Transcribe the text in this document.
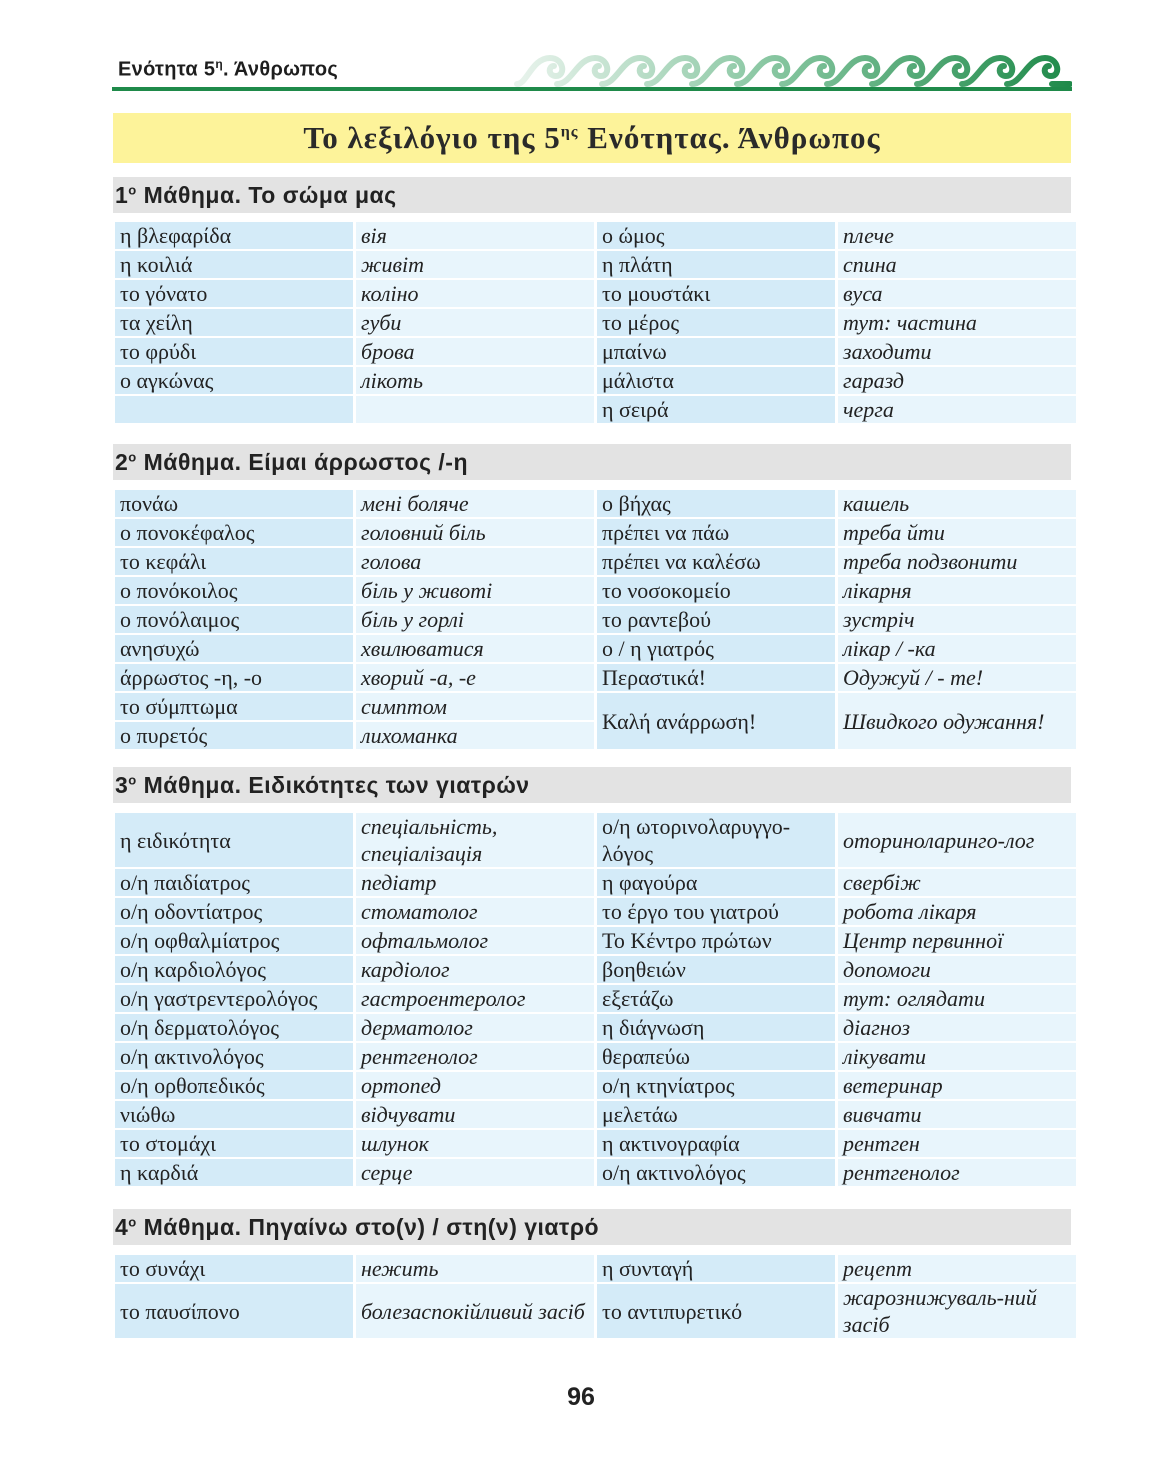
Ενότητα $5^\eta$. Άνθρωπος
Το λεξιλόγιο της $5^{\eta\varsigma}$ Ενότητας. Άνθρωπος
$1^o$ Μάθημα. Το σώμα μας
η βλεφαρίδα	вія	ο ώμος	плече
η κοιλιά	живіт	η πλάτη	спина
το γόνατο	коліно	το μουστάκι	вуса
τα χείλη	губи	το μέρος	тут: частина
το φρύδι	брова	μπαίνω	заходити
ο αγκώνας	лікоть	μάλιστα	гаразд
		η σειρά	черга
$2^o$ Μάθημα. Είμαι άρρωστος /-η
πονάω	мені боляче	ο βήχας	кашель
ο πονοκέφαλος	головний біль	πρέπει να πάω	треба йти
το κεφάλι	голова	πρέπει να καλέσω	треба подзвонити
ο πονόκοιλος	біль у животі	το νοσοκομείο	лікарня
ο πονόλαιμος	біль у горлі	το ραντεβού	зустріч
ανησυχώ	хвилюватися	ο / η γιατρός	лікар / -ка
άρρωστος -η, -ο	хворий -а, -е	Περαστικά!	Одужуй / - те!
το σύμπτωμα	симптом	Καλή ανάρρωση!	Швидкого одужання!
ο πυρετός	лихоманка		
$3^o$ Μάθημα. Ειδικότητες των γιατρών
η ειδικότητα	спеціальність, спеціалізація	ο/η ωτορινολαρυγγο-λόγος	оториноларинго-лог
ο/η παιδίατρος	педіатр	η φαγούρα	свербіж
ο/η οδοντίατρος	стоматолог	το έργο του γιατρού	робота лікаря
ο/η οφθαλμίατρος	офтальмолог	Το Κέντρο πρώτων	Центр первинної
ο/η καρδιολόγος	кардіолог	βοηθειών	допомоги
ο/η γαστρεντερολόγος	гастроентеролог	εξετάζω	тут: оглядати
ο/η δερματολόγος	дерматолог	η διάγνωση	діагноз
ο/η ακτινολόγος	рентгенолог	θεραπεύω	лікувати
ο/η ορθοπεδικός	ортопед	ο/η κτηνίατρος	ветеринар
νιώθω	відчувати	μελετάω	вивчати
το στομάχι	шлунок	η ακτινογραφία	рентген
η καρδιά	серце	ο/η ακτινολόγος	рентгенолог
$4^o$ Μάθημα. Πηγαίνω στο(ν) / στη(ν) γιατρό
το συνάχι	нежить	η συνταγή	рецепт
το παυσίπονο	болезаспокійливий засіб	το αντιπυρετικό	жарознижуваль-ний засіб
96
